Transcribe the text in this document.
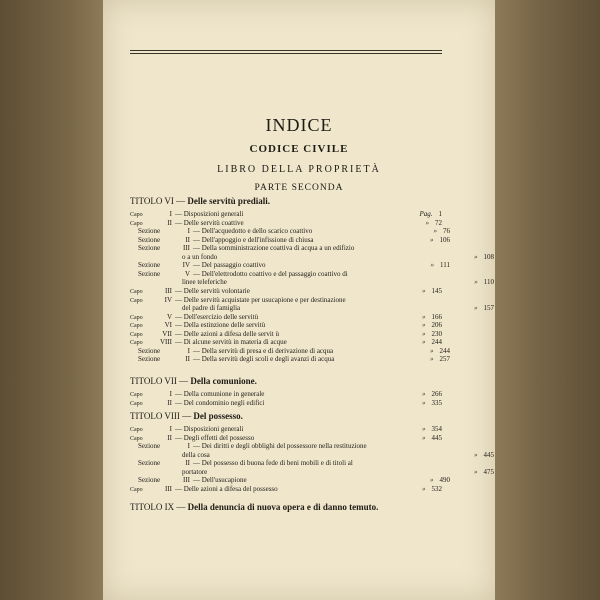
INDICE
CODICE CIVILE
LIBRO DELLA PROPRIETÀ
PARTE SECONDA
TITOLO VI — Delle servitù prediali.
Capo	I — Disposizioni generali	Pag. 1
Capo	II — Delle servitù coattive	» 72
Sezione	I — Dell'acquedotto e dello scarico coattivo	» 76
Sezione	II — Dell'appoggio e dell'infissione di chiusa	» 106
Sezione	III — Della somministrazione coattiva di acqua a un edifizio
o a un fondo	» 108
Sezione	IV — Del passaggio coattivo	» 111
Sezione	V — Dell'elettrodotto coattivo e del passaggio coattivo di
linee teleferiche	» 110
Capo	III — Delle servitù volontarie	» 145
Capo	IV — Delle servitù acquistate per usucapione e per destinazione
del padre di famiglia	» 157
Capo	V — Dell'esercizio delle servitù	» 166
Capo	VI — Della estinzione delle servitù	» 206
Capo	VII — Delle azioni a difesa delle servit ù	» 230
Capo VIII — Di alcune servitù in materia di acque	» 244
Sezione	I — Della servitù di presa e di derivazione di acqua	» 244
Sezione	II — Della servitù degli scoli e degli avanzi di acqua	» 257
TITOLO VII — Della comunione.
Capo	I — Della comunione in generale	» 266
Capo	II — Del condominio negli edifici	» 335
TITOLO VIII — Del possesso.
Capo	I — Disposizioni generali	» 354
Capo	II — Degli effetti del possesso	» 445
Sezione	I — Dei diritti e degli obblighi del possessore nella restituzione
della cosa	» 445
Sezione	II — Del possesso di buona fede di beni mobili e di titoli al
portatore	» 475
Sezione	III — Dell'usucapione	» 490
Capo	III — Delle azioni a difesa del possesso	» 532
TITOLO IX — Della denuncia di nuova opera e di danno temuto.
